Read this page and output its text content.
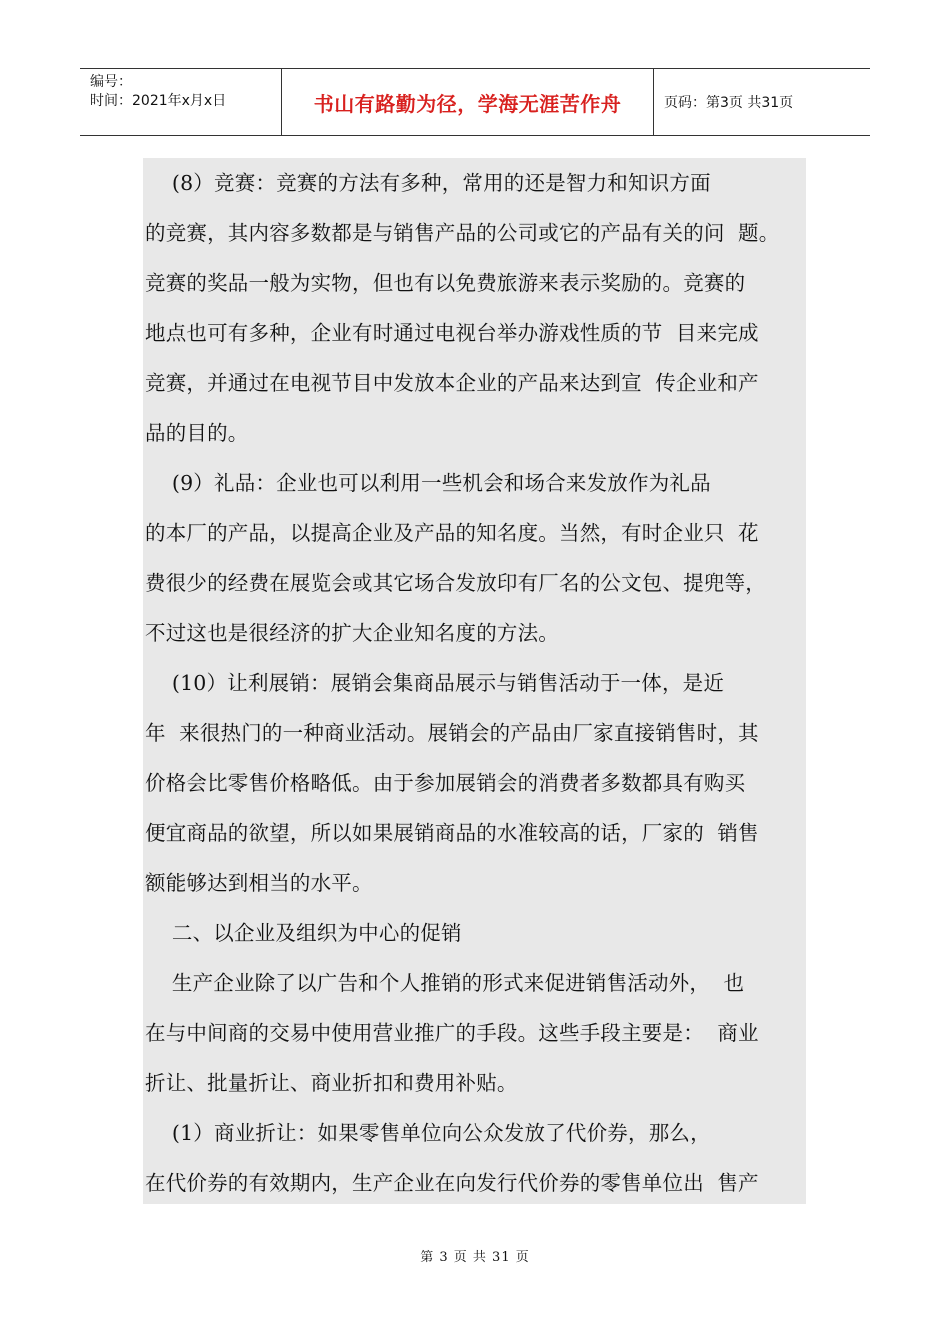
编号：
时间：2021年x月x日	书山有路勤为径，学海无涯苦作舟	页码：第3页 共31页
(8）竞赛：竞赛的方法有多种，常用的还是智力和知识方面
的竞赛，其内容多数都是与销售产品的公司或它的产品有关的问  题。
竞赛的奖品一般为实物，但也有以免费旅游来表示奖励的。竞赛的
地点也可有多种，企业有时通过电视台举办游戏性质的节  目来完成
竞赛，并通过在电视节目中发放本企业的产品来达到宣  传企业和产
品的目的。
(9）礼品：企业也可以利用一些机会和场合来发放作为礼品
的本厂的产品，以提高企业及产品的知名度。当然，有时企业只  花
费很少的经费在展览会或其它场合发放印有厂名的公文包、提兜等，
不过这也是很经济的扩大企业知名度的方法。
(10）让利展销：展销会集商品展示与销售活动于一体，是近
年  来很热门的一种商业活动。展销会的产品由厂家直接销售时，其
价格会比零售价格略低。由于参加展销会的消费者多数都具有购买
便宜商品的欲望，所以如果展销商品的水准较高的话，厂家的  销售
额能够达到相当的水平。
二、以企业及组织为中心的促销
生产企业除了以广告和个人推销的形式来促进销售活动外，  也
在与中间商的交易中使用营业推广的手段。这些手段主要是：  商业
折让、批量折让、商业折扣和费用补贴。
(1）商业折让：如果零售单位向公众发放了代价券，那么，
在代价券的有效期内，生产企业在向发行代价券的零售单位出  售产
第 3 页 共 31 页
